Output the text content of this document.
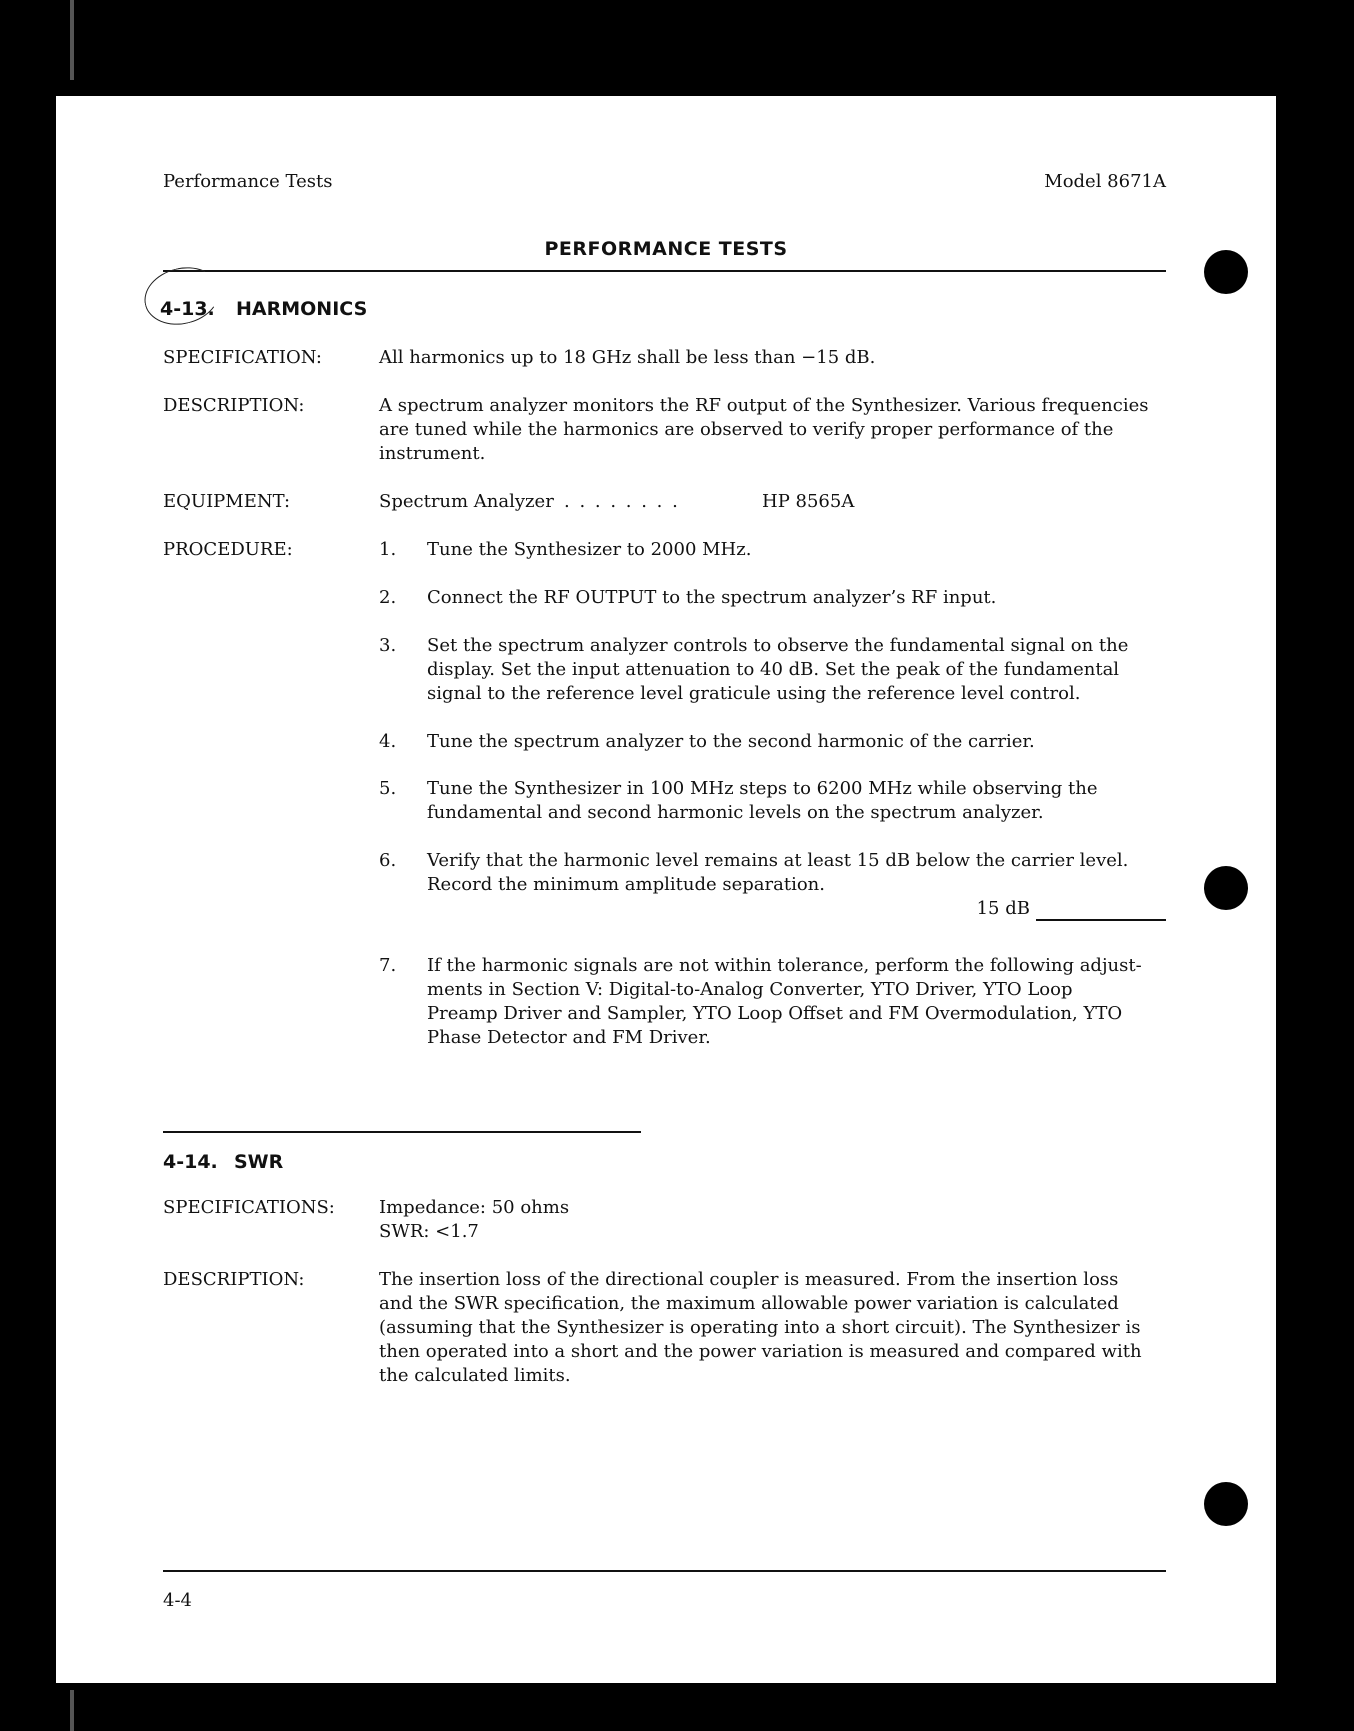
Performance Tests	Model 8671A
PERFORMANCE TESTS
4-13. HARMONICS
SPECIFICATION:	All harmonics up to 18 GHz shall be less than −15 dB.
DESCRIPTION:	A spectrum analyzer monitors the RF output of the Synthesizer. Various frequencies
are tuned while the harmonics are observed to verify proper performance of the
instrument.
EQUIPMENT:	Spectrum Analyzer . . . . . . . .	HP 8565A
PROCEDURE:	1.	Tune the Synthesizer to 2000 MHz.
2.	Connect the RF OUTPUT to the spectrum analyzer’s RF input.
3.	Set the spectrum analyzer controls to observe the fundamental signal on the
display. Set the input attenuation to 40 dB. Set the peak of the fundamental
signal to the reference level graticule using the reference level control.
4.	Tune the spectrum analyzer to the second harmonic of the carrier.
5.	Tune the Synthesizer in 100 MHz steps to 6200 MHz while observing the
fundamental and second harmonic levels on the spectrum analyzer.
6.	Verify that the harmonic level remains at least 15 dB below the carrier level.
Record the minimum amplitude separation.
15 dB
7.	If the harmonic signals are not within tolerance, perform the following adjust-
ments in Section V: Digital-to-Analog Converter, YTO Driver, YTO Loop
Preamp Driver and Sampler, YTO Loop Offset and FM Overmodulation, YTO
Phase Detector and FM Driver.
4-14. SWR
SPECIFICATIONS: Impedance: 50 ohms
SWR: <1.7
DESCRIPTION:	The insertion loss of the directional coupler is measured. From the insertion loss
and the SWR specification, the maximum allowable power variation is calculated
(assuming that the Synthesizer is operating into a short circuit). The Synthesizer is
then operated into a short and the power variation is measured and compared with
the calculated limits.
4-4
